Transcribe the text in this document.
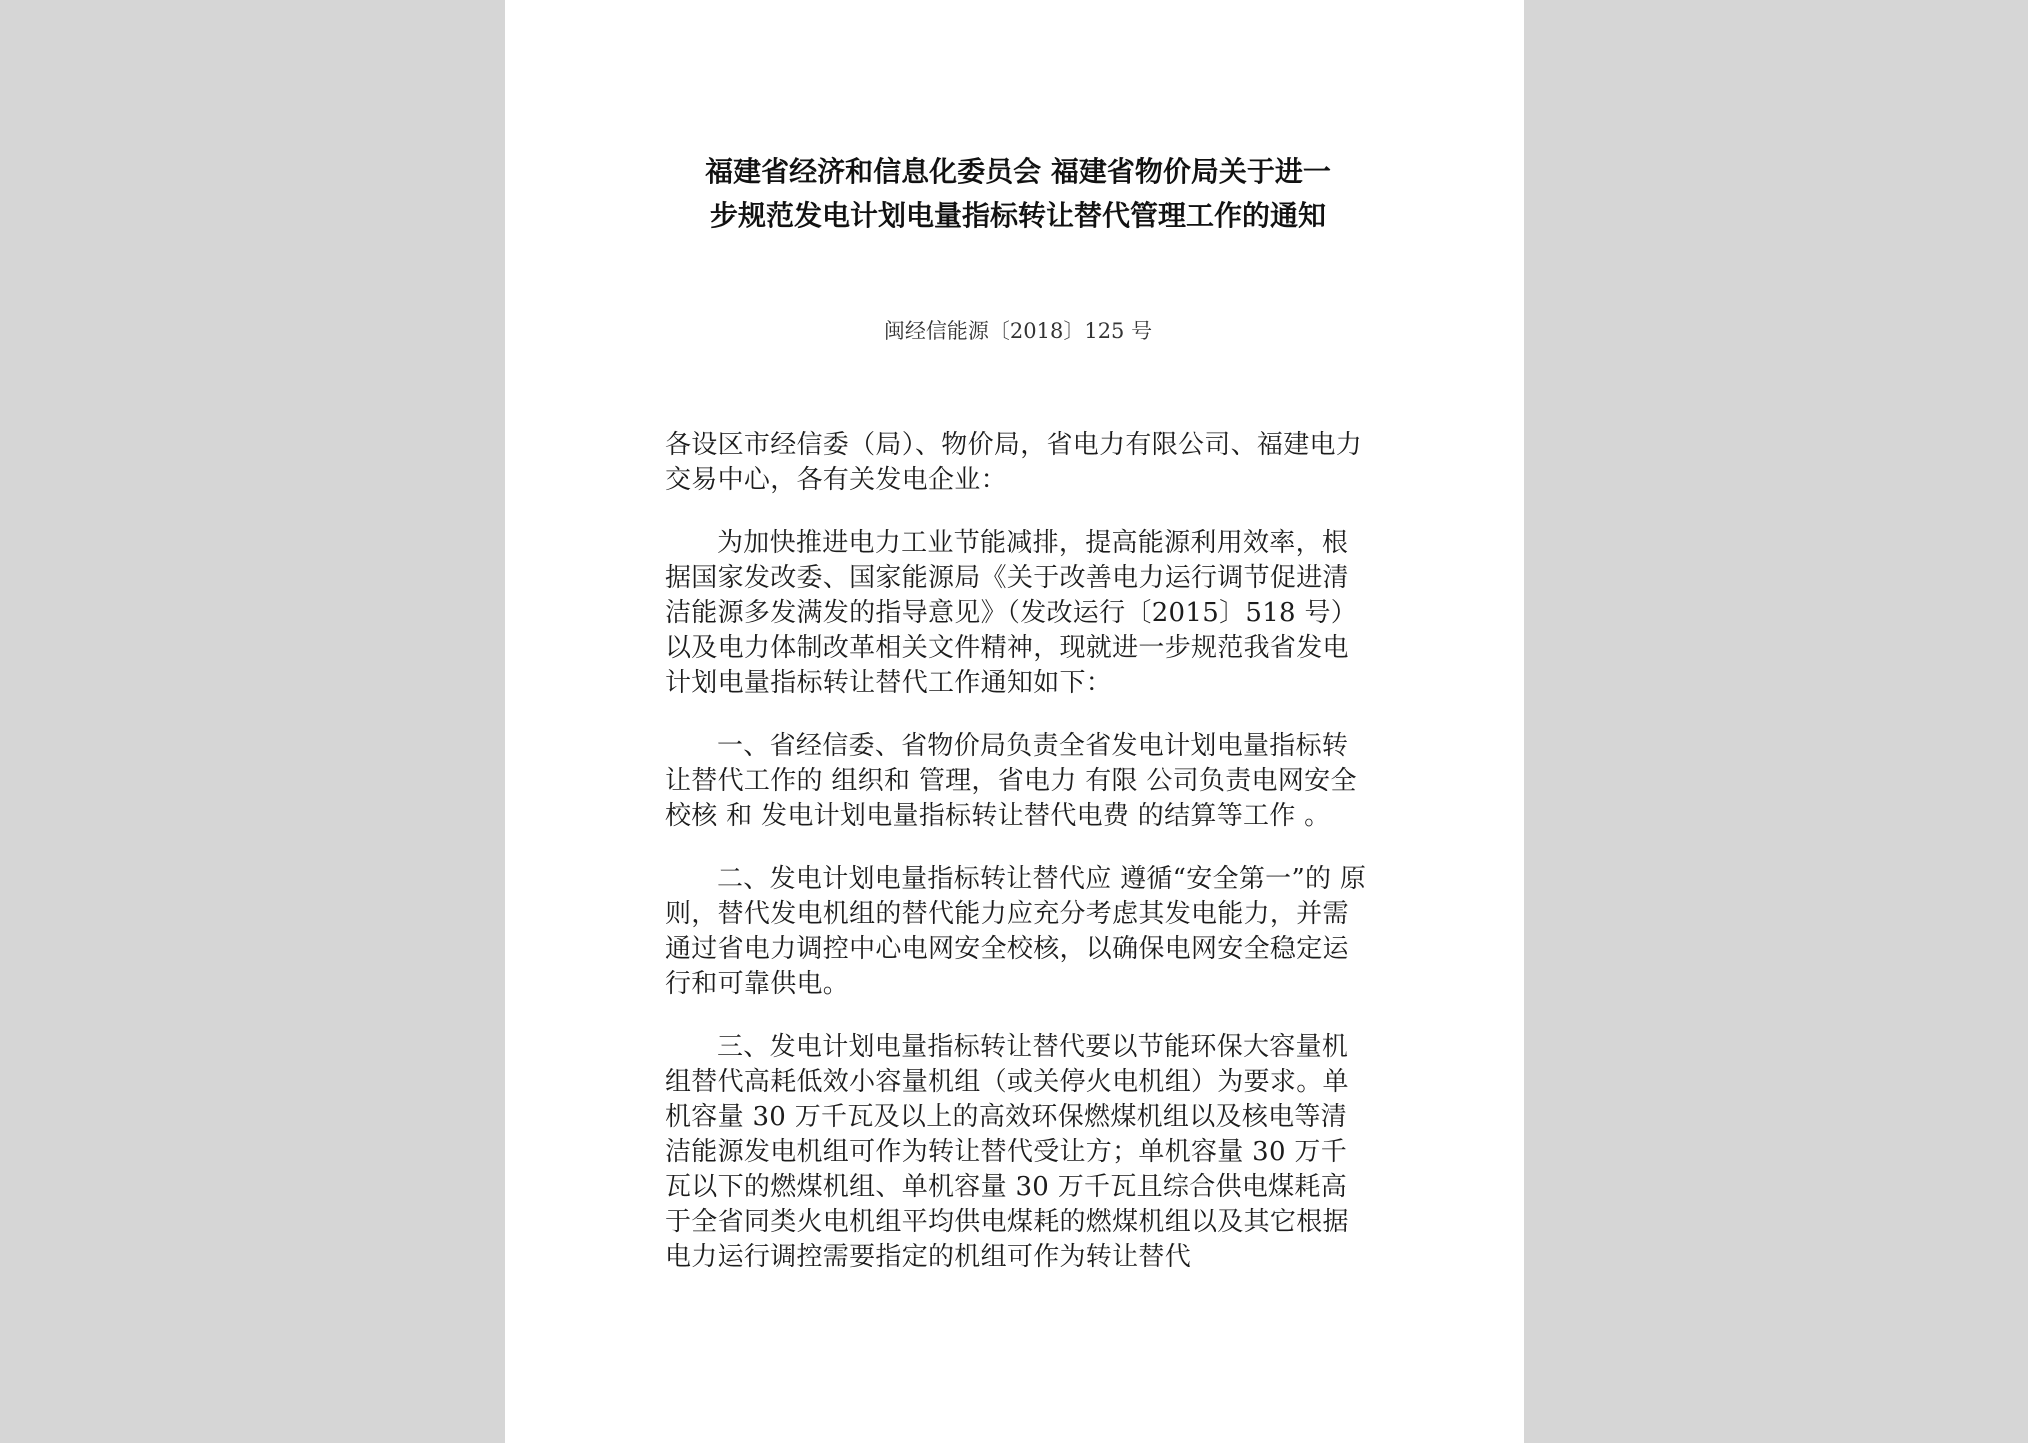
福建省经济和信息化委员会 福建省物价局关于进一
步规范发电计划电量指标转让替代管理工作的通知
闽经信能源〔2018〕125 号

各设区市经信委（局）、物价局，省电力有限公司、福建电力交易中心，各有关发电企业：

为加快推进电力工业节能减排，提高能源利用效率，根据国家发改委、国家能源局《关于改善电力运行调节促进清洁能源多发满发的指导意见》（发改运行〔2015〕518 号）以及电力体制改革相关文件精神，现就进一步规范我省发电计划电量指标转让替代工作通知如下：

一、省经信委、省物价局负责全省发电计划电量指标转让替代工作的 组织和 管理，省电力 有限 公司负责电网安全校核 和 发电计划电量指标转让替代电费 的结算等工作 。

二、发电计划电量指标转让替代应 遵循“安全第一”的 原则，替代发电机组的替代能力应充分考虑其发电能力，并需通过省电力调控中心电网安全校核，以确保电网安全稳定运行和可靠供电。

三、发电计划电量指标转让替代要以节能环保大容量机组替代高耗低效小容量机组（或关停火电机组）为要求。单机容量 30 万千瓦及以上的高效环保燃煤机组以及核电等清洁能源发电机组可作为转让替代受让方；单机容量 30 万千瓦以下的燃煤机组、单机容量 30 万千瓦且综合供电煤耗高于全省同类火电机组平均供电煤耗的燃煤机组以及其它根据电力运行调控需要指定的机组可作为转让替代
